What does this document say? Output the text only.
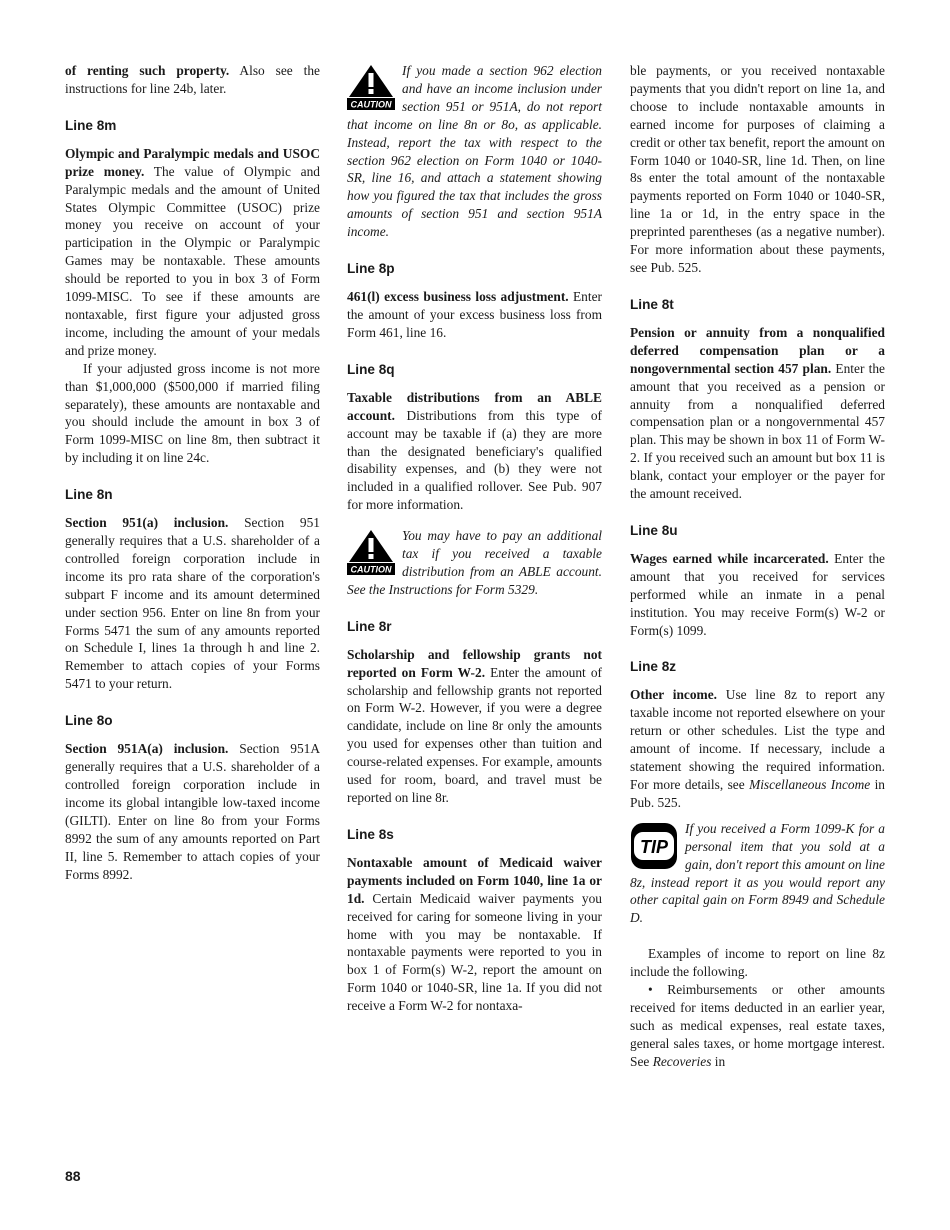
of renting such property. Also see the instructions for line 24b, later.

Line 8m

Olympic and Paralympic medals and USOC prize money. The value of Olympic and Paralympic medals and the amount of United States Olympic Committee (USOC) prize money you receive on account of your participation in the Olympic or Paralympic Games may be nontaxable. These amounts should be reported to you in box 3 of Form 1099-MISC. To see if these amounts are nontaxable, first figure your adjusted gross income, including the amount of your medals and prize money.

If your adjusted gross income is not more than $1,000,000 ($500,000 if married filing separately), these amounts are nontaxable and you should include the amount in box 3 of Form 1099-MISC on line 8m, then subtract it by including it on line 24c.

Line 8n

Section 951(a) inclusion. Section 951 generally requires that a U.S. shareholder of a controlled foreign corporation include in income its pro rata share of the corporation's subpart F income and its amount determined under section 956. Enter on line 8n from your Forms 5471 the sum of any amounts reported on Schedule I, lines 1a through h and line 2. Remember to attach copies of your Forms 5471 to your return.

Line 8o

Section 951A(a) inclusion. Section 951A generally requires that a U.S. shareholder of a controlled foreign corporation include in income its global intangible low-taxed income (GILTI). Enter on line 8o from your Forms 8992 the sum of any amounts reported on Part II, line 5. Remember to attach copies of your Forms 8992.

CAUTION
If you made a section 962 election and have an income inclusion under section 951 or 951A, do not report that income on line 8n or 8o, as applicable. Instead, report the tax with respect to the section 962 election on Form 1040 or 1040-SR, line 16, and attach a statement showing how you figured the tax that includes the gross amounts of section 951 and section 951A income.
Line 8p

461(l) excess business loss adjustment. Enter the amount of your excess business loss from Form 461, line 16.

Line 8q

Taxable distributions from an ABLE account. Distributions from this type of account may be taxable if (a) they are more than the designated beneficiary's qualified disability expenses, and (b) they were not included in a qualified rollover. See Pub. 907 for more information.

CAUTION
You may have to pay an additional tax if you received a taxable distribution from an ABLE account. See the Instructions for Form 5329.
Line 8r

Scholarship and fellowship grants not reported on Form W-2. Enter the amount of scholarship and fellowship grants not reported on Form W-2. However, if you were a degree candidate, include on line 8r only the amounts you used for expenses other than tuition and course-related expenses. For example, amounts used for room, board, and travel must be reported on line 8r.

Line 8s

Nontaxable amount of Medicaid waiver payments included on Form 1040, line 1a or 1d. Certain Medicaid waiver payments you received for caring for someone living in your home with you may be nontaxable. If nontaxable payments were reported to you in box 1 of Form(s) W-2, report the amount on Form 1040 or 1040-SR, line 1a. If you did not receive a Form W-2 for nontaxa-

ble payments, or you received nontaxable payments that you didn't report on line 1a, and choose to include nontaxable amounts in earned income for purposes of claiming a credit or other tax benefit, report the amount on Form 1040 or 1040-SR, line 1d. Then, on line 8s enter the total amount of the nontaxable payments reported on Form 1040 or 1040-SR, line 1a or 1d, in the entry space in the preprinted parentheses (as a negative number). For more information about these payments, see Pub. 525.

Line 8t

Pension or annuity from a nonqualified deferred compensation plan or a nongovernmental section 457 plan. Enter the amount that you received as a pension or annuity from a nonqualified deferred compensation plan or a nongovernmental 457 plan. This may be shown in box 11 of Form W-2. If you received such an amount but box 11 is blank, contact your employer or the payer for the amount received.

Line 8u

Wages earned while incarcerated. Enter the amount that you received for services performed while an inmate in a penal institution. You may receive Form(s) W-2 or Form(s) 1099.

Line 8z

Other income. Use line 8z to report any taxable income not reported elsewhere on your return or other schedules. List the type and amount of income. If necessary, include a statement showing the required information. For more details, see Miscellaneous Income in Pub. 525.

TIP
If you received a Form 1099-K for a personal item that you sold at a gain, don't report this amount on line 8z, instead report it as you would report any other capital gain on Form 8949 and Schedule D.

Examples of income to report on line 8z include the following.

• Reimbursements or other amounts received for items deducted in an earlier year, such as medical expenses, real estate taxes, general sales taxes, or home mortgage interest. See Recoveries in

88
